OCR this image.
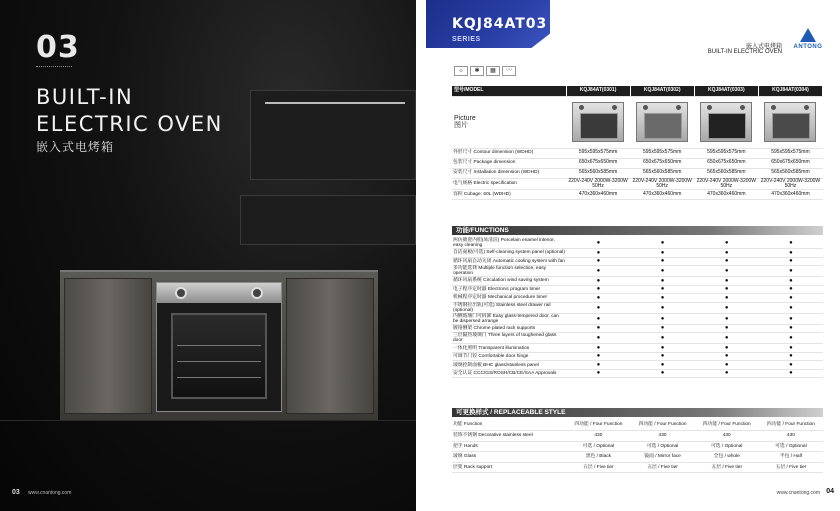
03
BUILT-IN
ELECTRIC OVEN
嵌入式电烤箱
03 www.cnantong.com
KQJ84AT03
SERIES
嵌入式电烤箱
BUILT-IN ELECTRIC OVEN
ANTONG
☼	✱	▦	〰
型号/MODEL	KQJ84AT(0301)	KQJ84AT(0302)	KQJ84AT(0303)	KQJ84AT(0304)

Picture
图片				

外形尺寸 Contour dimension (WDHD)	595x595x575mm	595x595x575mm	595x595x575mm	595x595x575mm
包装尺寸 Package dimension	650x675x650mm	650x675x650mm	650x675x650mm	650x675x650mm
安装尺寸 Installation dimension (WDHD)	565x560x585mm	565x560x585mm	565x560x585mm	565x560x585mm
电气规格 Electric specification	220V-240V 2000W-3200W 50Hz	220V-240V 2000W-3200W 50Hz	220V-240V 2000W-3200W 50Hz	220V-240V 2000W-3200W 50Hz
容积 Cubage: 60L (WDHD)	470x360x460mm	470x360x460mm	470x360x460mm	470x360x460mm
功能/FUNCTIONS
两仿搪瓷内胆(易清洁) Porcelain enamel interior, easy cleaning	●	●	●	●
自洁面板(可选) Self-cleaning system panel (optional)	●	●	●	●
循环风扇自动关闭 Automatic cooling system with fan	●	●	●	●
多功能选择 Multiple function selection, easy operation	●	●	●	●
循环风扇系统 Circulation wind saving system	●	●	●	●
电子程序定时器 Electronic program timer	●	●	●	●
机械程序定时器 Mechanical procedure timer	●	●	●	●
不锈钢拉出轨(可选) Stainless steel drawer rail (optional)	●	●	●	●
内侧玻璃门可拆卸 Easy glass-tempered door, can be dispersed arrange	●	●	●	●
镀铬侧架 Chrome plated rack supports	●	●	●	●
三层隔热玻璃门 Three layers of toughened glass door	●	●	●	●
一体化照明 Transparent illumination	●	●	●	●
可调节门铰 Comfortable door hinge	●	●	●	●
玻璃控制面板 BHC glass/stainless panel	●	●	●	●
安全认证 CCC/GS/ROSH/CB/CE/SAA Approvals	●	●	●	●
可更换样式 / REPLACEABLE STYLE
功能 Function	四功能 / Four Function	四功能 / Four Function	四功能 / Four Function	四功能 / Four Function
装饰不锈钢 Decorative stainless steel	430	430	430	430
把手 Hands	可选 / Optional	可选 / Optional	可选 / Optional	可选 / Optional
玻璃 Glass	黑色 / Black	镜面 / Mirror face	全包 / whole	半包 / Half
层架 Rack support	五层 / Five tier	五层 / Five tier	五层 / Five tier	五层 / Five tier
www.cnantong.com 04
